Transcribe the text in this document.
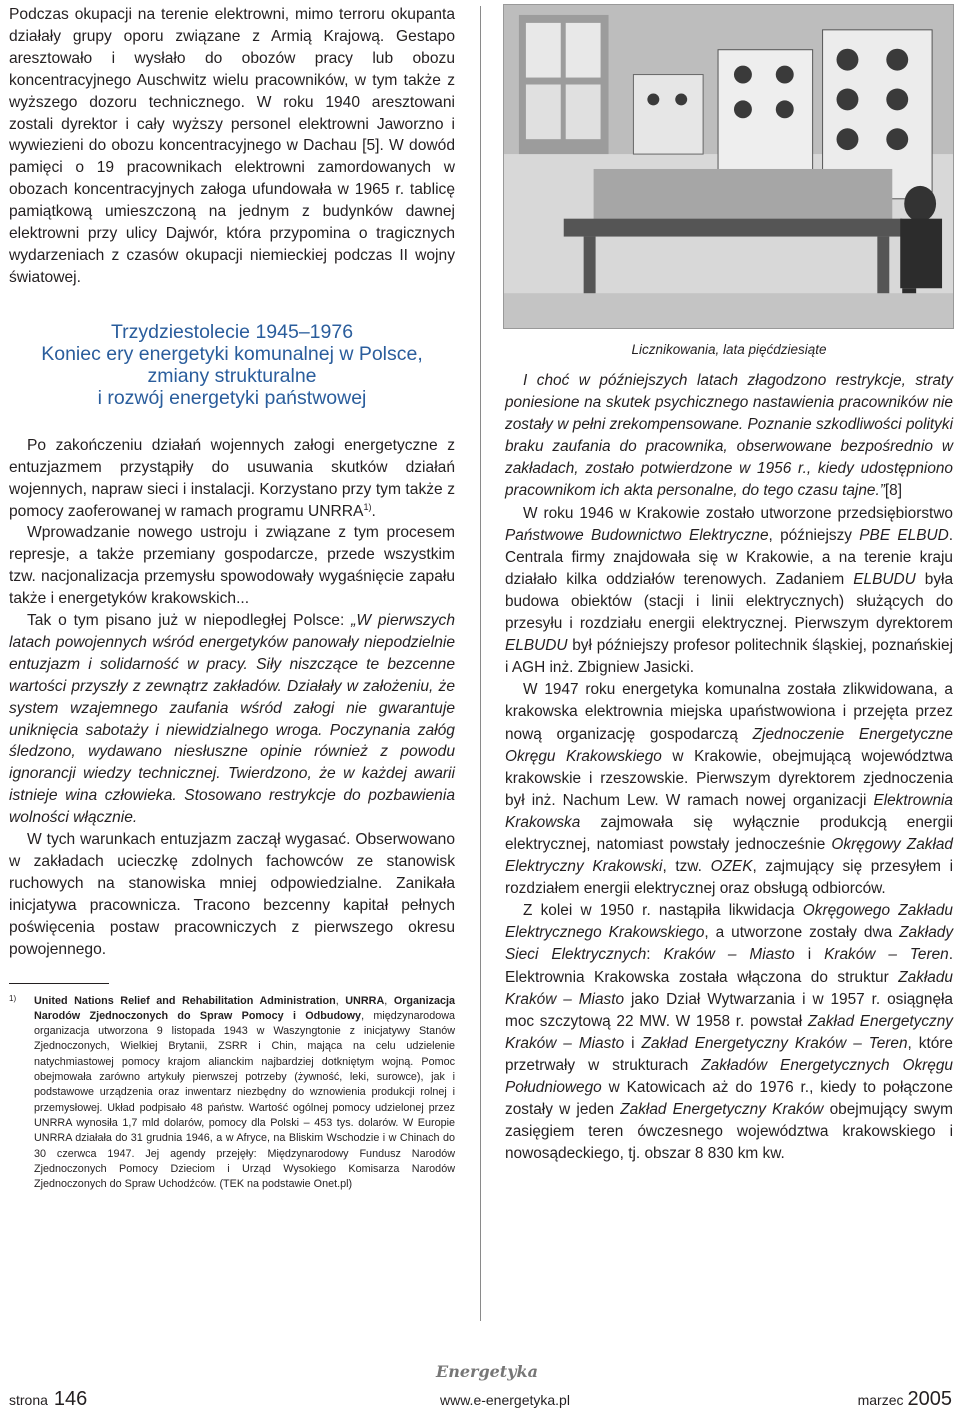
Podczas okupacji na terenie elektrowni, mimo terroru okupanta działały grupy oporu związane z Armią Krajową. Gestapo aresztowało i wysłało do obozów pracy lub obozu koncentracyjnego Auschwitz wielu pracowników, w tym także z wyższego dozoru technicznego. W roku 1940 aresztowani zostali dyrektor i cały wyższy personel elektrowni Jaworzno i wywiezieni do obozu koncentracyjnego w Dachau [5]. W dowód pamięci o 19 pracownikach elektrowni zamordowanych w obozach koncentracyjnych załoga ufundowała w 1965 r. tablicę pamiątkową umieszczoną na jednym z budynków dawnej elektrowni przy ulicy Dajwór, która przypomina o tragicznych wydarzeniach z czasów okupacji niemieckiej podczas II wojny światowej.

Trzydziestolecie 1945–1976
Koniec ery energetyki komunalnej w Polsce,
zmiany strukturalne
i rozwój energetyki państwowej

Po zakończeniu działań wojennych załogi energetyczne z entuzjazmem przystąpiły do usuwania skutków działań wojennych, napraw sieci i instalacji. Korzystano przy tym także z pomocy zaoferowanej w ramach programu UNRRA$^{1)}$.

Wprowadzanie nowego ustroju i związane z tym procesem represje, a także przemiany gospodarcze, przede wszystkim tzw. nacjonalizacja przemysłu spowodowały wygaśnięcie zapału także i energetyków krakowskich...

Tak o tym pisano już w niepodległej Polsce: „W pierwszych latach powojennych wśród energetyków panowały niepodzielnie entuzjazm i solidarność w pracy. Siły niszczące te bezcenne wartości przyszły z zewnątrz zakładów. Działały w założeniu, że system wzajemnego zaufania wśród załogi nie gwarantuje uniknięcia sabotaży i niewidzialnego wroga. Poczynania załóg śledzono, wydawano niesłuszne opinie również z powodu ignorancji wiedzy technicznej. Twierdzono, że w każdej awarii istnieje wina człowieka. Stosowano restrykcje do pozbawienia wolności włącznie.

W tych warunkach entuzjazm zaczął wygasać. Obserwowano w zakładach ucieczkę zdolnych fachowców ze stanowisk ruchowych na stanowiska mniej odpowiedzialne. Zanikała inicjatywa pracownicza. Tracono bezcenny kapitał pełnych poświęcenia postaw pracowniczych z pierwszego okresu powojennego.

1) United Nations Relief and Rehabilitation Administration, UNRRA, Organizacja Narodów Zjednoczonych do Spraw Pomocy i Odbudowy, międzynarodowa organizacja utworzona 9 listopada 1943 w Waszyngtonie z inicjatywy Stanów Zjednoczonych, Wielkiej Brytanii, ZSRR i Chin, mająca na celu udzielenie natychmiastowej pomocy krajom alianckim najbardziej dotkniętym wojną. Pomoc obejmowała zarówno artykuły pierwszej potrzeby (żywność, leki, surowce), jak i podstawowe urządzenia oraz inwentarz niezbędny do wznowienia produkcji rolnej i przemysłowej. Układ podpisało 48 państw. Wartość ogólnej pomocy udzielonej przez UNRRA wynosiła 1,7 mld dolarów, pomocy dla Polski – 453 tys. dolarów. W Europie UNRRA działała do 31 grudnia 1946, a w Afryce, na Bliskim Wschodzie i w Chinach do 30 czerwca 1947. Jej agendy przejęły: Międzynarodowy Fundusz Narodów Zjednoczonych Pomocy Dzieciom i Urząd Wysokiego Komisarza Narodów Zjednoczonych do Spraw Uchodźców. (TEK na podstawie Onet.pl)
Licznikowania, lata pięćdziesiąte

I choć w późniejszych latach złagodzono restrykcje, straty poniesione na skutek psychicznego nastawienia pracowników nie zostały w pełni zrekompensowane. Poznanie szkodliwości polityki braku zaufania do pracownika, obserwowane bezpośrednio w zakładach, zostało potwierdzone w 1956 r., kiedy udostępniono pracownikom ich akta personalne, do tego czasu tajne.”[8]

W roku 1946 w Krakowie zostało utworzone przedsiębiorstwo Państwowe Budownictwo Elektryczne, późniejszy PBE ELBUD. Centrala firmy znajdowała się w Krakowie, a na terenie kraju działało kilka oddziałów terenowych. Zadaniem ELBUDU była budowa obiektów (stacji i linii elektrycznych) służących do przesyłu i rozdziału energii elektrycznej. Pierwszym dyrektorem ELBUDU był późniejszy profesor politechnik śląskiej, poznańskiej i AGH inż. Zbigniew Jasicki.

W 1947 roku energetyka komunalna została zlikwidowana, a krakowska elektrownia miejska upaństwowiona i przejęta przez nową organizację gospodarczą Zjednoczenie Energetyczne Okręgu Krakowskiego w Krakowie, obejmującą województwa krakowskie i rzeszowskie. Pierwszym dyrektorem zjednoczenia był inż. Nachum Lew. W ramach nowej organizacji Elektrownia Krakowska zajmowała się wyłącznie produkcją energii elektrycznej, natomiast powstały jednocześnie Okręgowy Zakład Elektryczny Krakowski, tzw. OZEK, zajmujący się przesyłem i rozdziałem energii elektrycznej oraz obsługą odbiorców.

Z kolei w 1950 r. nastąpiła likwidacja Okręgowego Zakładu Elektrycznego Krakowskiego, a utworzone zostały dwa Zakłady Sieci Elektrycznych: Kraków – Miasto i Kraków – Teren. Elektrownia Krakowska została włączona do struktur Zakładu Kraków – Miasto jako Dział Wytwarzania i w 1957 r. osiągnęła moc szczytową 22 MW. W 1958 r. powstał Zakład Energetyczny Kraków – Miasto i Zakład Energetyczny Kraków – Teren, które przetrwały w strukturach Zakładów Energetycznych Okręgu Południowego w Katowicach aż do 1976 r., kiedy to połączone zostały w jeden Zakład Energetyczny Kraków obejmujący swym zasięgiem teren ówczesnego województwa krakowskiego i nowosądeckiego, tj. obszar 8 830 km kw.

strona 146
Energetyka
www.e-energetyka.pl	marzec 2005
